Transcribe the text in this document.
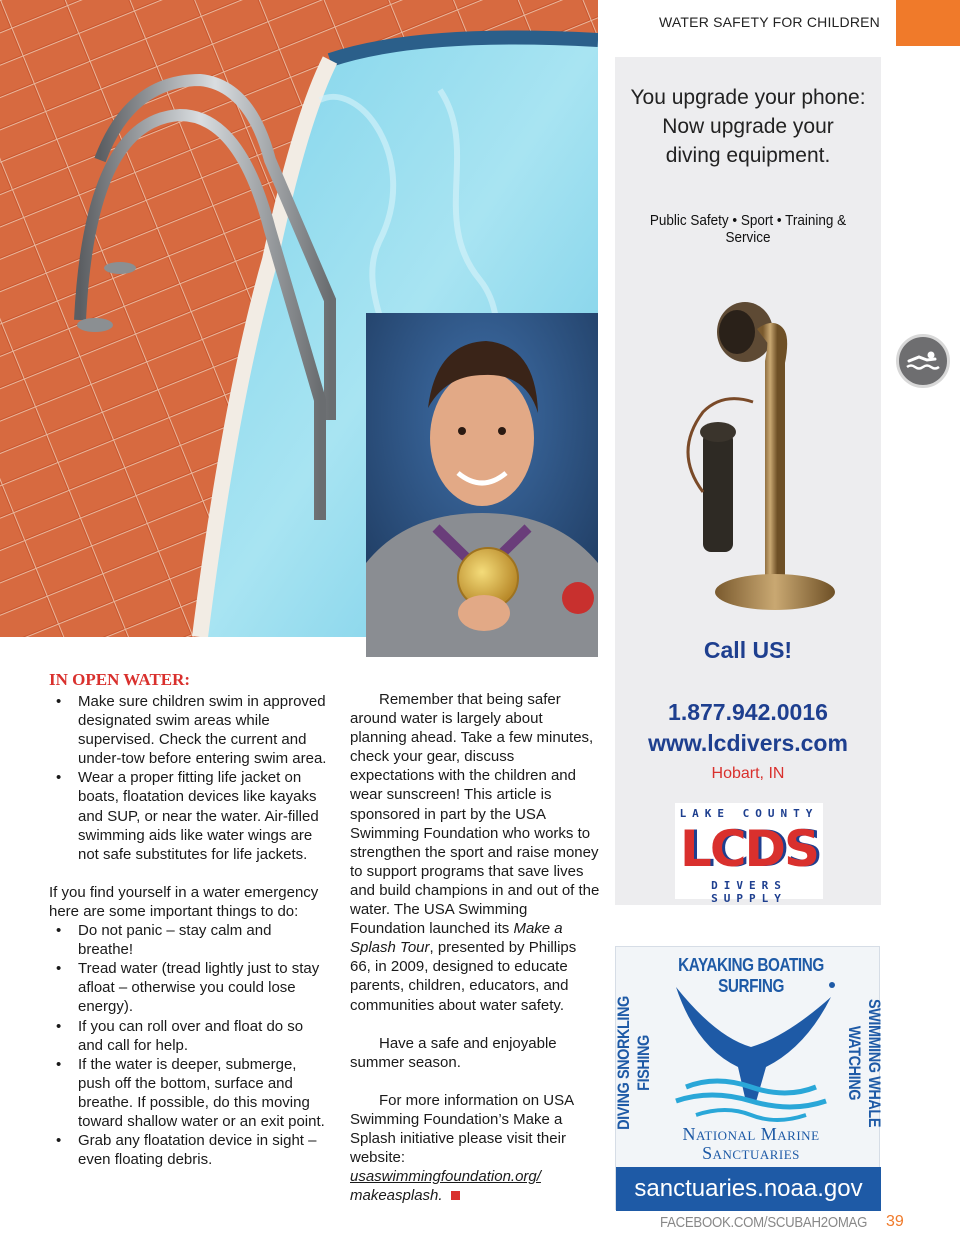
WATER SAFETY FOR CHILDREN
IN OPEN WATER:
• Make sure children swim in approved designated swim areas while supervised. Check the current and under-tow before entering swim area.
• Wear a proper fitting life jacket on boats, floatation devices like kayaks and SUP, or near the water. Air-filled swimming aids like water wings are not safe substitutes for life jackets.

If you find yourself in a water emergency here are some important things to do:

• Do not panic – stay calm and breathe!
• Tread water (tread lightly just to stay afloat – otherwise you could lose energy).
• If you can roll over and float do so and call for help.
• If the water is deeper, submerge, push off the bottom, surface and breathe. If possible, do this moving toward shallow water or an exit point.
• Grab any floatation device in sight – even floating debris.

Remember that being safer around water is largely about planning ahead. Take a few minutes, check your gear, discuss expectations with the children and wear sunscreen! This article is sponsored in part by the USA Swimming Foundation who works to strengthen the sport and raise money to support programs that save lives and build champions in and out of the water. The USA Swimming Foundation launched its Make a Splash Tour, presented by Phillips 66, in 2009, designed to educate parents, children, educators, and communities about water safety.

Have a safe and enjoyable summer season.

For more information on USA Swimming Foundation’s Make a Splash initiative please visit their website:
usaswimmingfoundation.org/
makeasplash.

You upgrade your phone:
Now upgrade your
diving equipment.
Public Safety • Sport • Training & Service
Call US!
1.877.942.0016
www.lcdivers.com
Hobart, IN
LAKE COUNTY
LCDS
DIVERS SUPPLY
KAYAKING BOATING SURFING
DIVING SNORKLING FISHING	SWIMMING WHALE WATCHING
National Marine
Sanctuaries
sanctuaries.noaa.gov
FACEBOOK.COM/SCUBAH2OMAG 39
